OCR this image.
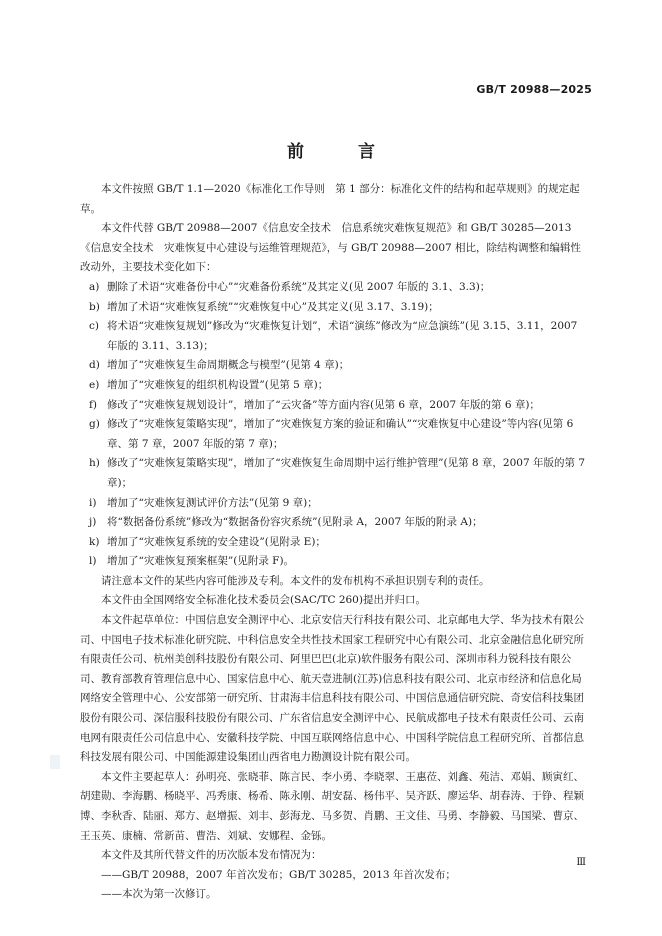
GB/T 20988—2025
前 言
本文件按照 GB/T 1.1—2020《标准化工作导则　第 1 部分：标准化文件的结构和起草规则》的规定起草。
本文件代替 GB/T 20988—2007《信息安全技术　信息系统灾难恢复规范》和 GB/T 30285—2013《信息安全技术　灾难恢复中心建设与运维管理规范》，与 GB/T 20988—2007 相比，除结构调整和编辑性改动外，主要技术变化如下：
a) 删除了术语“灾难备份中心”“灾难备份系统”及其定义(见 2007 年版的 3.1、3.3)；
b) 增加了术语“灾难恢复系统”“灾难恢复中心”及其定义(见 3.17、3.19)；
c) 将术语“灾难恢复规划”修改为“灾难恢复计划”，术语“演练”修改为“应急演练”(见 3.15、3.11，2007 年版的 3.11、3.13)；
d) 增加了“灾难恢复生命周期概念与模型”(见第 4 章)；
e) 增加了“灾难恢复的组织机构设置”(见第 5 章)；
f) 修改了“灾难恢复规划设计”，增加了“云灾备”等方面内容(见第 6 章，2007 年版的第 6 章)；
g) 修改了“灾难恢复策略实现”，增加了“灾难恢复方案的验证和确认”“灾难恢复中心建设”等内容(见第 6 章、第 7 章，2007 年版的第 7 章)；
h) 修改了“灾难恢复策略实现”，增加了“灾难恢复生命周期中运行维护管理”(见第 8 章，2007 年版的第 7 章)；
i) 增加了“灾难恢复测试评价方法”(见第 9 章)；
j) 将“数据备份系统”修改为“数据备份容灾系统”(见附录 A，2007 年版的附录 A)；
k) 增加了“灾难恢复系统的安全建设”(见附录 E)；
l) 增加了“灾难恢复预案框架”(见附录 F)。
请注意本文件的某些内容可能涉及专利。本文件的发布机构不承担识别专利的责任。
本文件由全国网络安全标准化技术委员会(SAC/TC 260)提出并归口。
本文件起草单位：中国信息安全测评中心、北京安信天行科技有限公司、北京邮电大学、华为技术有限公司、中国电子技术标准化研究院、中科信息安全共性技术国家工程研究中心有限公司、北京金融信息化研究所有限责任公司、杭州美创科技股份有限公司、阿里巴巴(北京)软件服务有限公司、深圳市科力锐科技有限公司、教育部教育管理信息中心、国家信息中心、航天壹进制(江苏)信息科技有限公司、北京市经济和信息化局网络安全管理中心、公安部第一研究所、甘肃海丰信息科技有限公司、中国信息通信研究院、奇安信科技集团股份有限公司、深信服科技股份有限公司、广东省信息安全测评中心、民航成都电子技术有限责任公司、云南电网有限责任公司信息中心、安徽科技学院、中国互联网络信息中心、中国科学院信息工程研究所、首都信息科技发展有限公司、中国能源建设集团山西省电力勘测设计院有限公司。
本文件主要起草人：孙明亮、张晓菲、陈言民、李小勇、李晓翠、王惠莅、刘鑫、苑洁、邓娟、顾寅红、胡建勋、李海鹏、杨晓平、冯秀康、杨希、陈永刚、胡安磊、杨伟平、吴齐跃、廖运华、胡春涛、于铮、程颖博、李秋香、陆丽、郑方、赵增振、刘丰、彭海龙、马多贺、肖鹏、王文佳、马勇、李静毅、马国梁、曹京、王玉英、康楠、常新苗、曹浩、刘斌、安娜程、金铄。
本文件及其所代替文件的历次版本发布情况为：
——GB/T 20988，2007 年首次发布；GB/T 30285，2013 年首次发布；
——本次为第一次修订。
Ⅲ
